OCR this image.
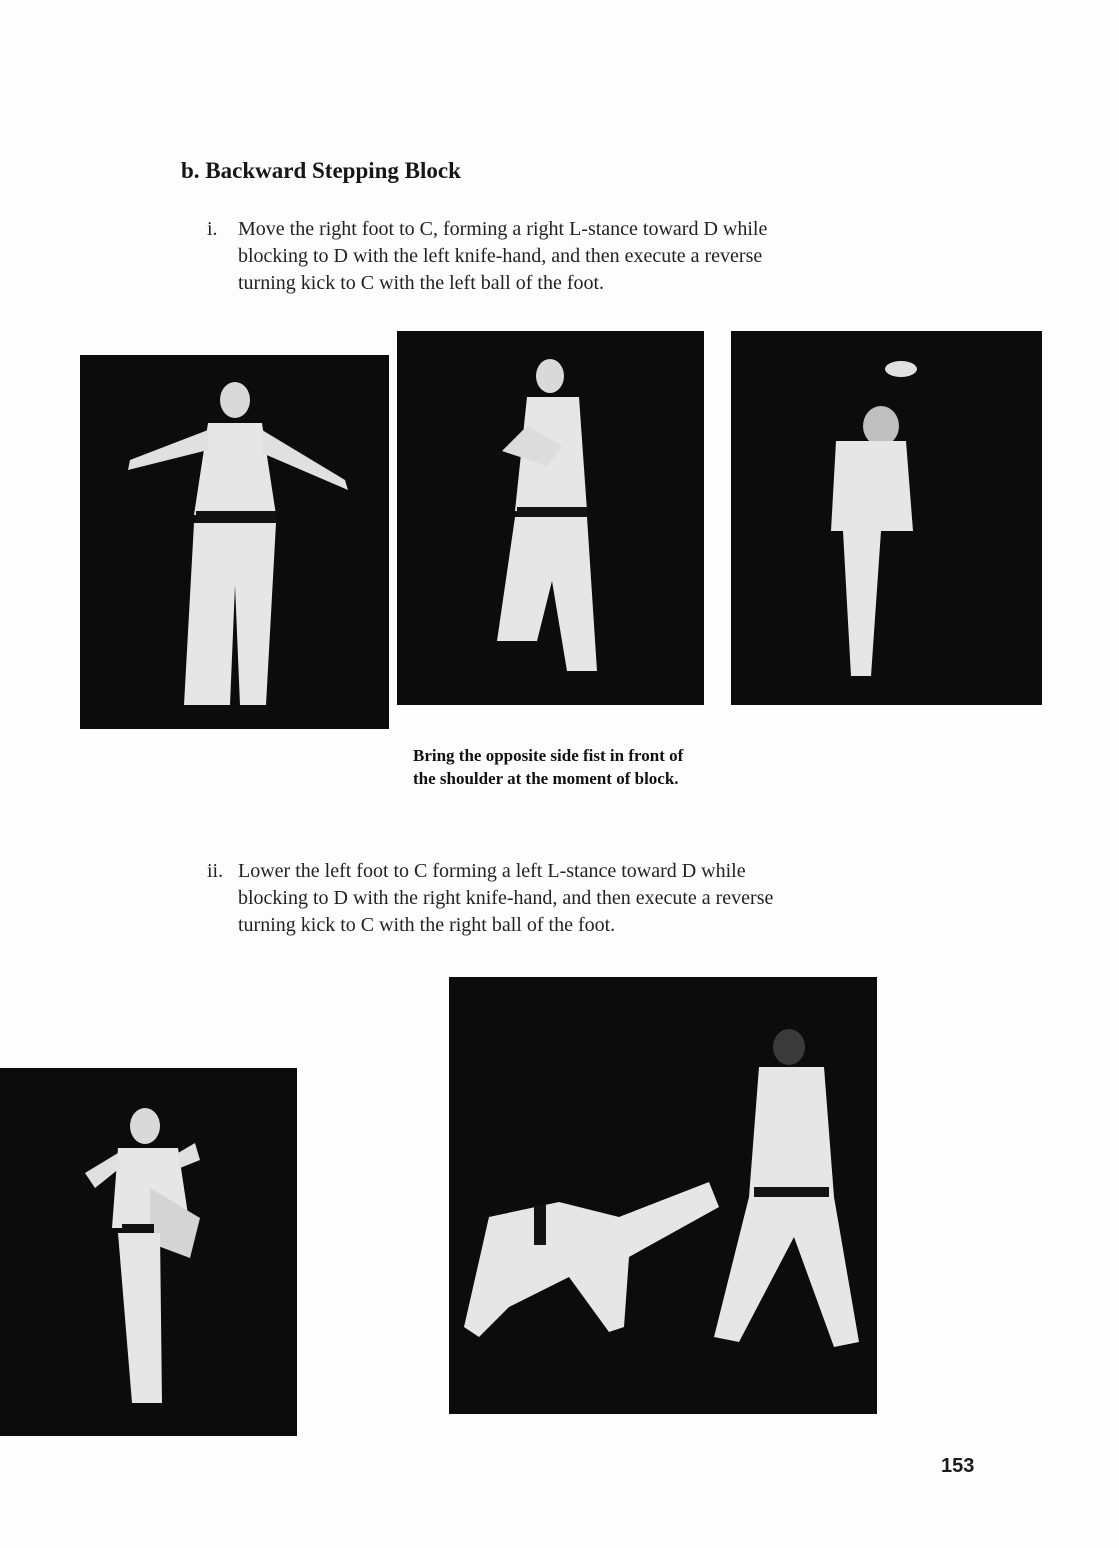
b. Backward Stepping Block
i.	Move the right foot to C, forming a right L-stance toward D while
blocking to D with the left knife-hand, and then execute a reverse
turning kick to C with the left ball of the foot.

Bring the opposite side fist in front of
the shoulder at the moment of block.

ii. Lower the left foot to C forming a left L-stance toward D while
blocking to D with the right knife-hand, and then execute a reverse
turning kick to C with the right ball of the foot.
153
